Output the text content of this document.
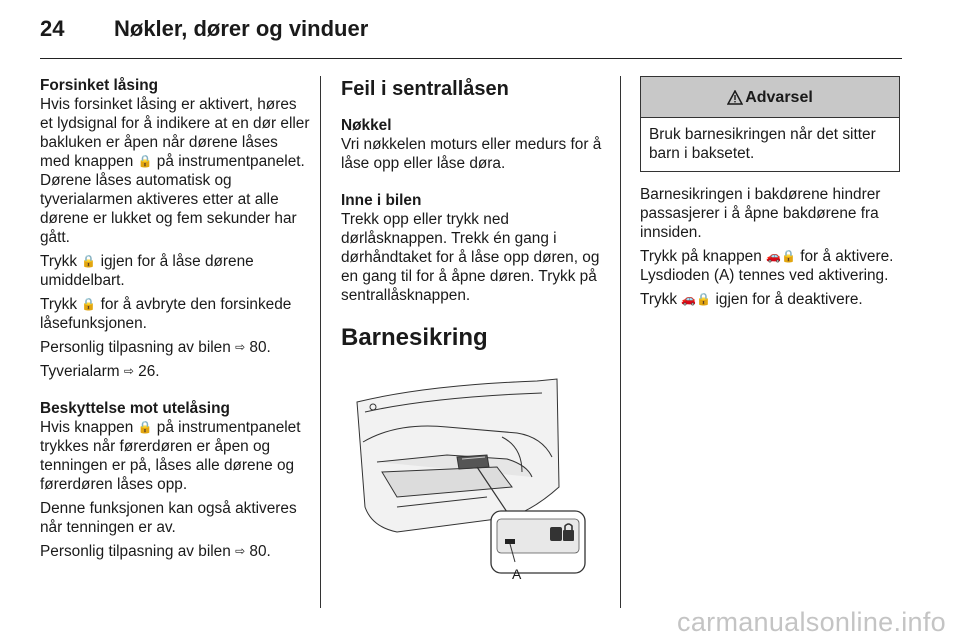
24	Nøkler, dører og vinduer
Forsinket låsing

Hvis forsinket låsing er aktivert, høres et lydsignal for å indikere at en dør eller bakluken er åpen når dørene låses med knappen 🔒 på instrumentpanelet. Dørene låses automatisk og tyverialarmen aktiveres etter at alle dørene er lukket og fem sekunder har gått.

Trykk 🔒 igjen for å låse dørene umiddelbart.

Trykk 🔒 for å avbryte den forsinkede låsefunksjonen.

Personlig tilpasning av bilen ⇨ 80.

Tyverialarm ⇨ 26.

Beskyttelse mot utelåsing

Hvis knappen 🔒 på instrumentpanelet trykkes når førerdøren er åpen og tenningen er på, låses alle dørene og førerdøren låses opp.

Denne funksjonen kan også aktiveres når tenningen er av.

Personlig tilpasning av bilen ⇨ 80.

Feil i sentrallåsen
Nøkkel

Vri nøkkelen moturs eller medurs for å låse opp eller låse døra.

Inne i bilen

Trekk opp eller trykk ned dørlåsknappen. Trekk én gang i dørhåndtaket for å låse opp døren, og en gang til for å åpne døren. Trykk på sentrallåsknappen.

Barnesikring
A
Advarsel
Bruk barnesikringen når det sitter barn i baksetet.

Barnesikringen i bakdørene hindrer passasjerer i å åpne bakdørene fra innsiden.

Trykk på knappen 🚗🔒 for å aktivere. Lysdioden (A) tennes ved aktivering.

Trykk 🚗🔒 igjen for å deaktivere.

carmanualsonline.info
